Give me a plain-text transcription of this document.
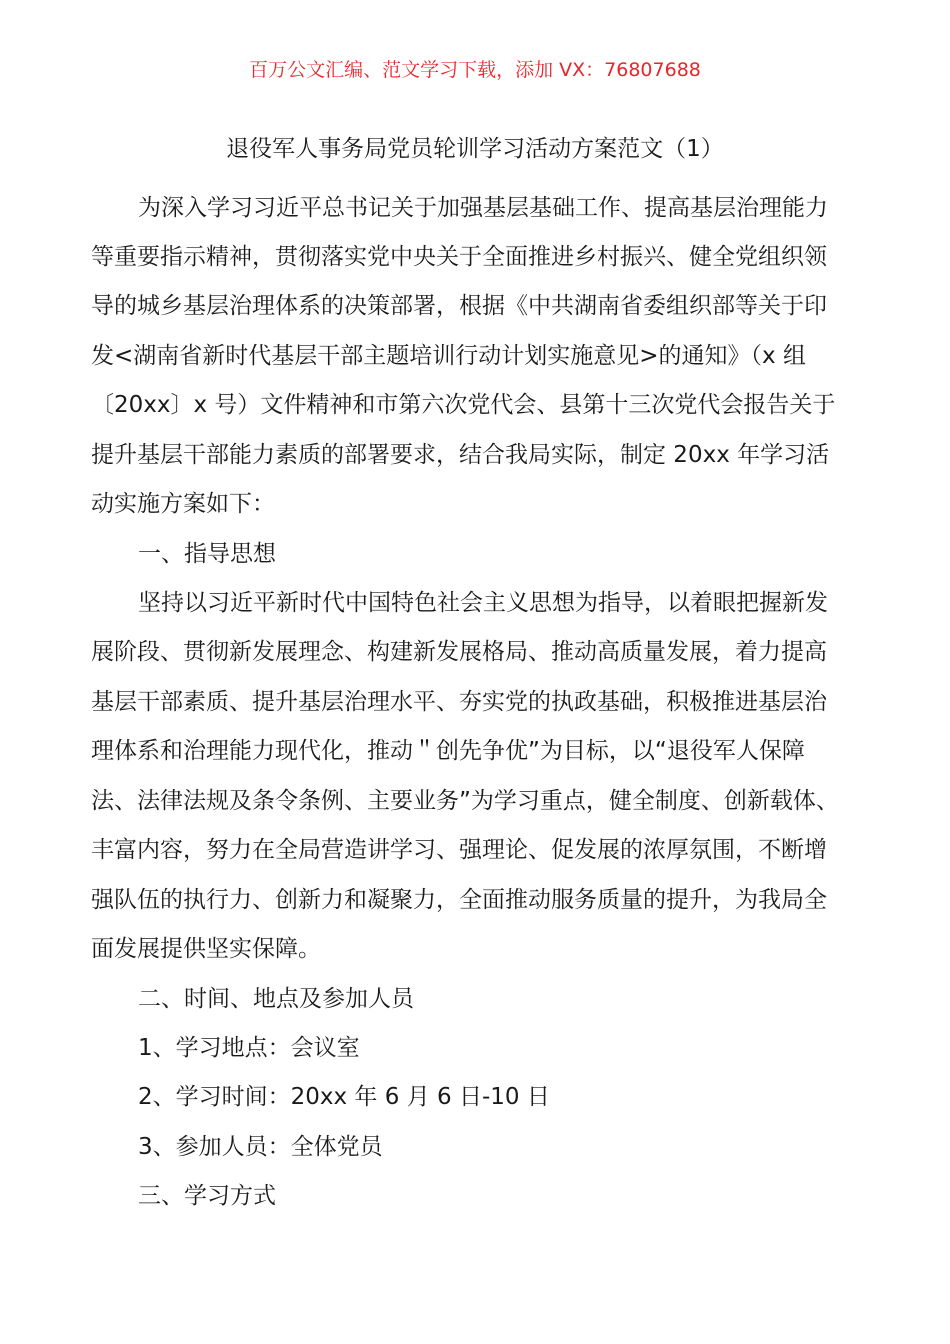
百万公文汇编、范文学习下载，添加 VX：76807688
退役军人事务局党员轮训学习活动方案范文（1）
为深入学习习近平总书记关于加强基层基础工作、提高基层治理能力
等重要指示精神，贯彻落实党中央关于全面推进乡村振兴、健全党组织领
导的城乡基层治理体系的决策部署，根据《中共湖南省委组织部等关于印
发<湖南省新时代基层干部主题培训行动计划实施意见>的通知》（x 组
〔20xx〕x 号）文件精神和市第六次党代会、县第十三次党代会报告关于
提升基层干部能力素质的部署要求，结合我局实际，制定 20xx 年学习活
动实施方案如下：
一、指导思想
坚持以习近平新时代中国特色社会主义思想为指导，以着眼把握新发
展阶段、贯彻新发展理念、构建新发展格局、推动高质量发展，着力提高
基层干部素质、提升基层治理水平、夯实党的执政基础，积极推进基层治
理体系和治理能力现代化，推动＂创先争优”为目标，以“退役军人保障
法、法律法规及条令条例、主要业务”为学习重点，健全制度、创新载体、
丰富内容，努力在全局营造讲学习、强理论、促发展的浓厚氛围，不断增
强队伍的执行力、创新力和凝聚力，全面推动服务质量的提升，为我局全
面发展提供坚实保障。
二、时间、地点及参加人员
1、学习地点：会议室
2、学习时间：20xx 年 6 月 6 日-10 日
3、参加人员：全体党员
三、学习方式
